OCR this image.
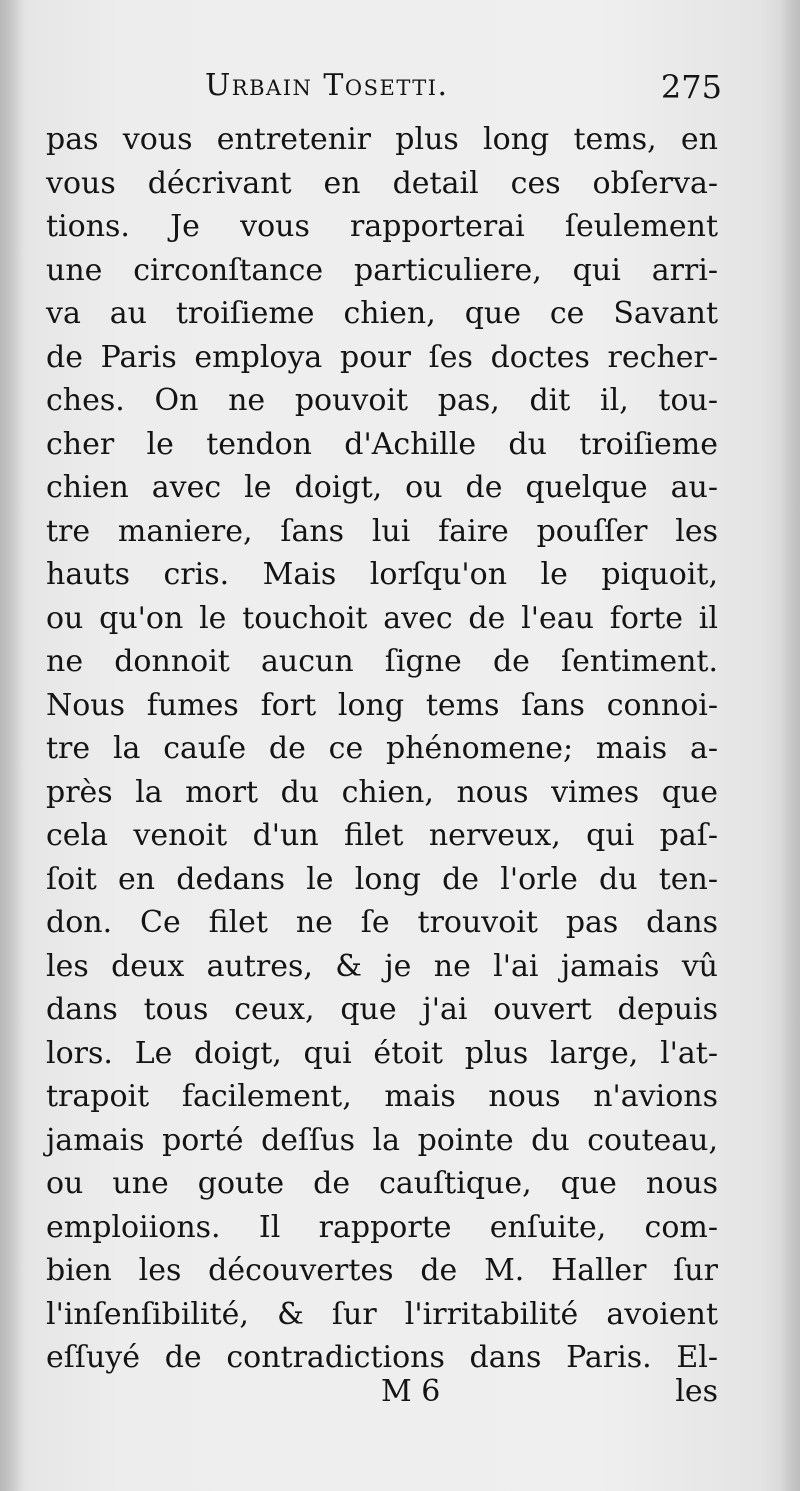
Urbain Tosetti.	275
pas vous entretenir plus long tems, en
vous décrivant en detail ces obſerva-
tions. Je vous rapporterai ſeulement
une circonſtance particuliere, qui arri-
va au troiſieme chien, que ce Savant
de Paris employa pour ſes doctes recher-
ches. On ne pouvoit pas, dit il, tou-
cher le tendon d'Achille du troiſieme
chien avec le doigt, ou de quelque au-
tre maniere, ſans lui faire pouſſer les
hauts cris. Mais lorſqu'on le piquoit,
ou qu'on le touchoit avec de l'eau forte il
ne donnoit aucun ſigne de ſentiment.
Nous fumes fort long tems ſans connoi-
tre la cauſe de ce phénomene; mais a-
près la mort du chien, nous vimes que
cela venoit d'un filet nerveux, qui paſ-
ſoit en dedans le long de l'orle du ten-
don. Ce filet ne ſe trouvoit pas dans
les deux autres, & je ne l'ai jamais vû
dans tous ceux, que j'ai ouvert depuis
lors. Le doigt, qui étoit plus large, l'at-
trapoit facilement, mais nous n'avions
jamais porté deſſus la pointe du couteau,
ou une goute de cauſtique, que nous
emploiions. Il rapporte enſuite, com-
bien les découvertes de M. Haller ſur
l'inſenſibilité, & ſur l'irritabilité avoient
eſſuyé de contradictions dans Paris. El-
M 6	les
